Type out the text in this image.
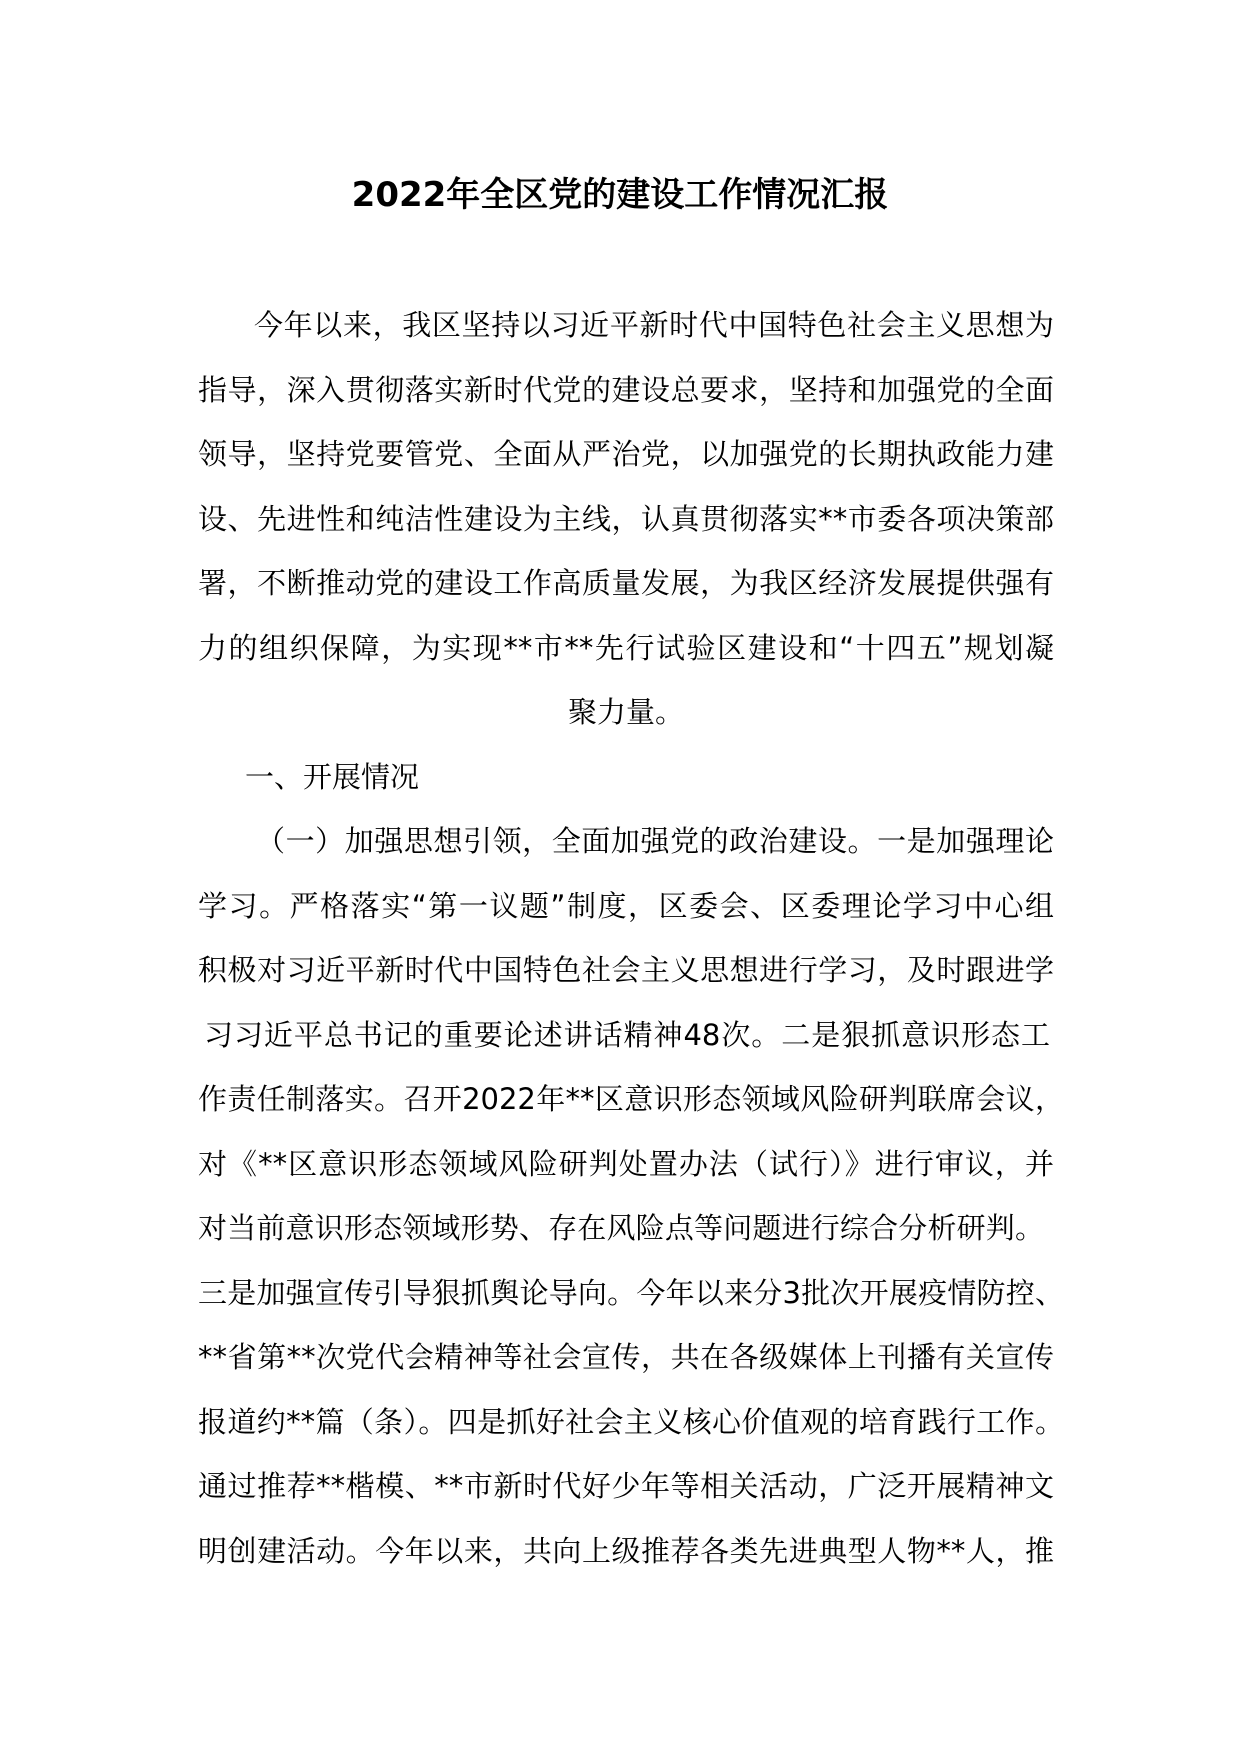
2022年全区党的建设工作情况汇报
今年以来，我区坚持以习近平新时代中国特色社会主义思想为
指导，深入贯彻落实新时代党的建设总要求，坚持和加强党的全面
领导，坚持党要管党、全面从严治党，以加强党的长期执政能力建
设、先进性和纯洁性建设为主线，认真贯彻落实**市委各项决策部
署，不断推动党的建设工作高质量发展，为我区经济发展提供强有
力的组织保障，为实现**市**先行试验区建设和“十四五”规划凝
聚力量。
一、开展情况
（一）加强思想引领，全面加强党的政治建设。一是加强理论
学习。严格落实“第一议题”制度，区委会、区委理论学习中心组
积极对习近平新时代中国特色社会主义思想进行学习，及时跟进学
习习近平总书记的重要论述讲话精神48次。二是狠抓意识形态工
作责任制落实。召开2022年**区意识形态领域风险研判联席会议，
对《**区意识形态领域风险研判处置办法（试行）》进行审议，并
对当前意识形态领域形势、存在风险点等问题进行综合分析研判。
三是加强宣传引导狠抓舆论导向。今年以来分3批次开展疫情防控、
**省第**次党代会精神等社会宣传，共在各级媒体上刊播有关宣传
报道约**篇（条）。四是抓好社会主义核心价值观的培育践行工作。
通过推荐**楷模、**市新时代好少年等相关活动，广泛开展精神文
明创建活动。今年以来，共向上级推荐各类先进典型人物**人，推
